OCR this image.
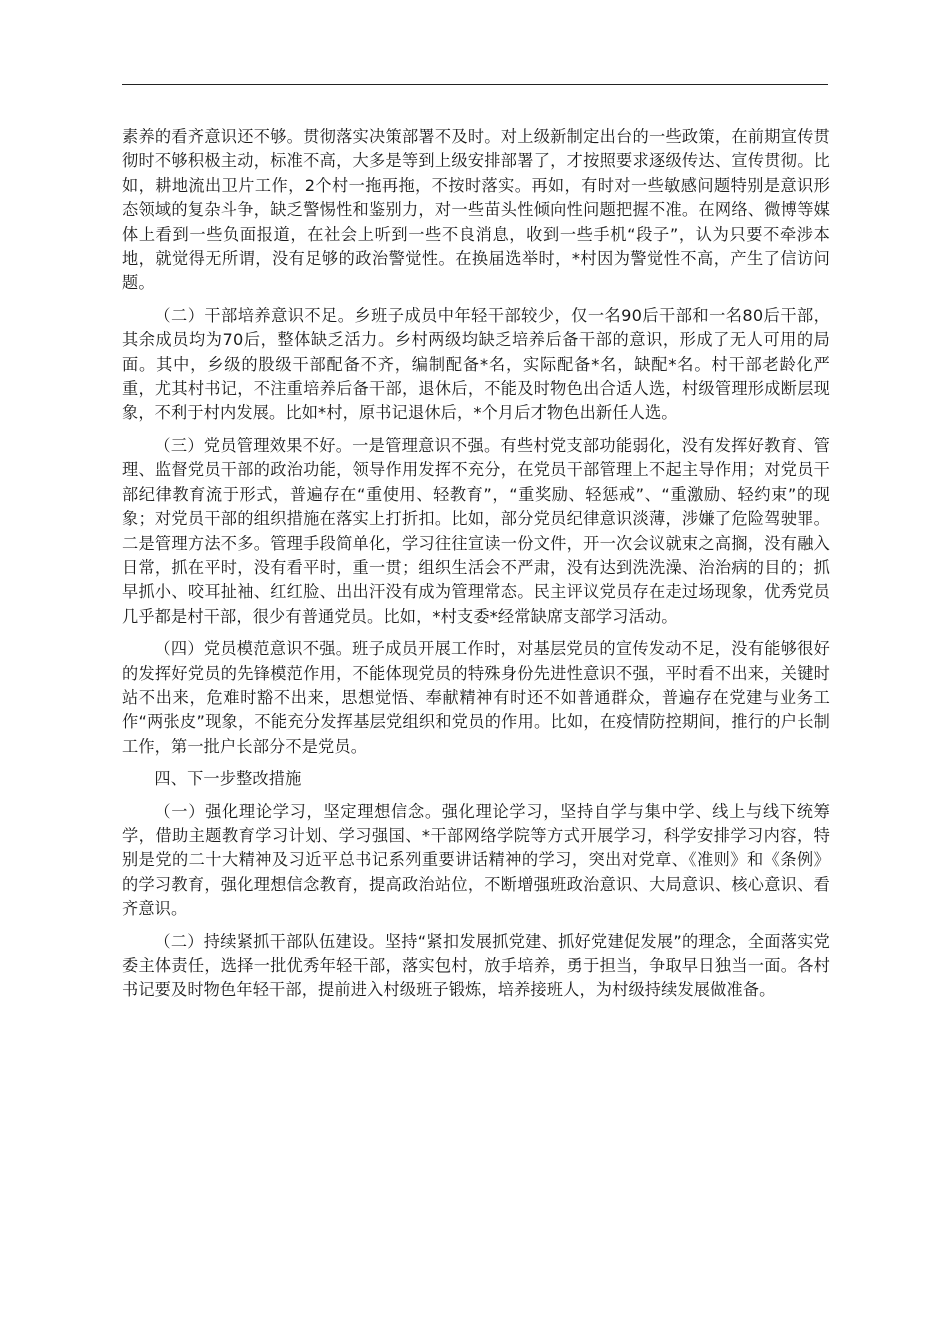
素养的看齐意识还不够。贯彻落实决策部署不及时。对上级新制定出台的一些政策，在前期宣传贯彻时不够积极主动，标准不高，大多是等到上级安排部署了，才按照要求逐级传达、宣传贯彻。比如，耕地流出卫片工作，2个村一拖再拖，不按时落实。再如，有时对一些敏感问题特别是意识形态领域的复杂斗争，缺乏警惕性和鉴别力，对一些苗头性倾向性问题把握不准。在网络、微博等媒体上看到一些负面报道，在社会上听到一些不良消息，收到一些手机“段子”，认为只要不牵涉本地，就觉得无所谓，没有足够的政治警觉性。在换届选举时，*村因为警觉性不高，产生了信访问题。

（二）干部培养意识不足。乡班子成员中年轻干部较少，仅一名90后干部和一名80后干部，其余成员均为70后，整体缺乏活力。乡村两级均缺乏培养后备干部的意识，形成了无人可用的局面。其中，乡级的股级干部配备不齐，编制配备*名，实际配备*名，缺配*名。村干部老龄化严重，尤其村书记，不注重培养后备干部，退休后，不能及时物色出合适人选，村级管理形成断层现象，不利于村内发展。比如*村，原书记退休后，*个月后才物色出新任人选。

（三）党员管理效果不好。一是管理意识不强。有些村党支部功能弱化，没有发挥好教育、管理、监督党员干部的政治功能，领导作用发挥不充分，在党员干部管理上不起主导作用；对党员干部纪律教育流于形式，普遍存在“重使用、轻教育”，“重奖励、轻惩戒”、“重激励、轻约束”的现象；对党员干部的组织措施在落实上打折扣。比如，部分党员纪律意识淡薄，涉嫌了危险驾驶罪。二是管理方法不多。管理手段简单化，学习往往宣读一份文件，开一次会议就束之高搁，没有融入日常，抓在平时，没有看平时，重一贯；组织生活会不严肃，没有达到洗洗澡、治治病的目的；抓早抓小、咬耳扯袖、红红脸、出出汗没有成为管理常态。民主评议党员存在走过场现象，优秀党员几乎都是村干部，很少有普通党员。比如，*村支委*经常缺席支部学习活动。

（四）党员模范意识不强。班子成员开展工作时，对基层党员的宣传发动不足，没有能够很好的发挥好党员的先锋模范作用，不能体现党员的特殊身份先进性意识不强，平时看不出来，关键时站不出来，危难时豁不出来，思想觉悟、奉献精神有时还不如普通群众，普遍存在党建与业务工作“两张皮”现象，不能充分发挥基层党组织和党员的作用。比如，在疫情防控期间，推行的户长制工作，第一批户长部分不是党员。

四、下一步整改措施

（一）强化理论学习，坚定理想信念。强化理论学习，坚持自学与集中学、线上与线下统筹学，借助主题教育学习计划、学习强国、*干部网络学院等方式开展学习，科学安排学习内容，特别是党的二十大精神及习近平总书记系列重要讲话精神的学习，突出对党章、《准则》和《条例》的学习教育，强化理想信念教育，提高政治站位，不断增强班政治意识、大局意识、核心意识、看齐意识。

（二）持续紧抓干部队伍建设。坚持“紧扣发展抓党建、抓好党建促发展”的理念，全面落实党委主体责任，选择一批优秀年轻干部，落实包村，放手培养，勇于担当，争取早日独当一面。各村书记要及时物色年轻干部，提前进入村级班子锻炼，培养接班人，为村级持续发展做准备。
